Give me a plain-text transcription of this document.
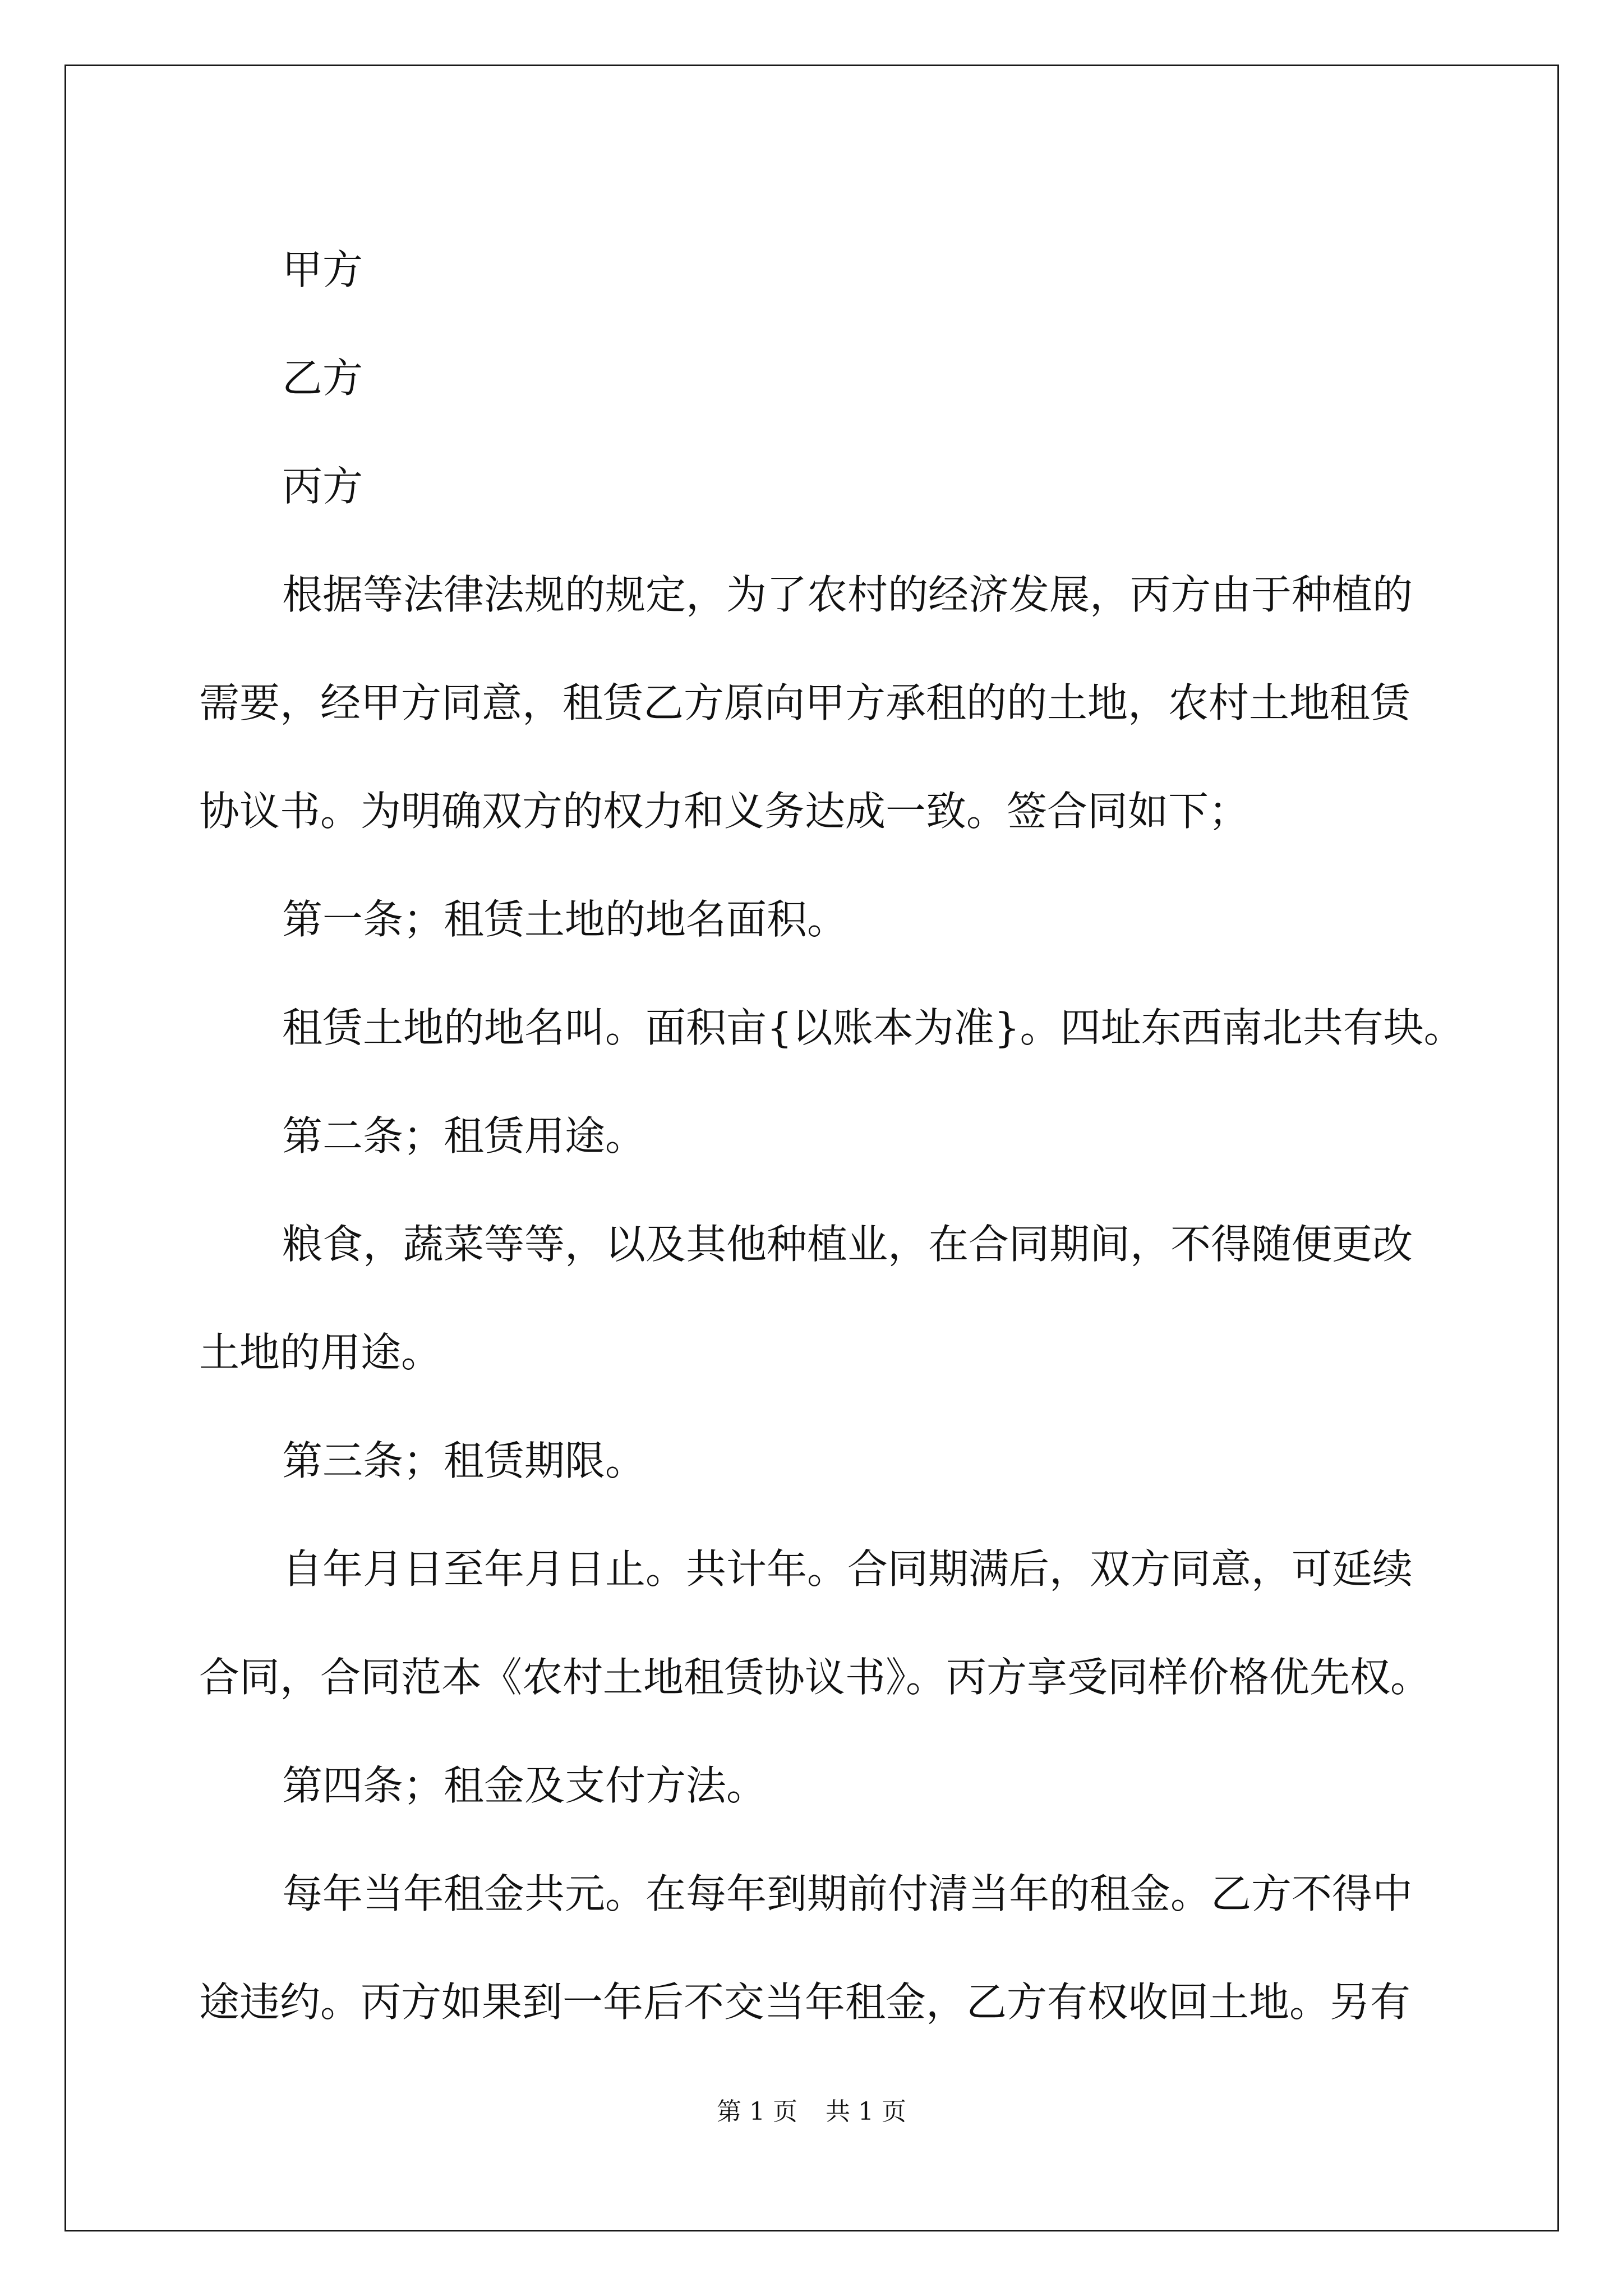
甲方

乙方

丙方

根据等法律法规的规定，为了农村的经济发展，丙方由于种植的

需要，经甲方同意，租赁乙方原向甲方承租的的土地，农村土地租赁

协议书。为明确双方的权力和义务达成一致。签合同如下；

第一条；租赁土地的地名面积。

租赁土地的地名叫。面积亩{以账本为准}。四址东西南北共有块。

第二条；租赁用途。

粮食，蔬菜等等，以及其他种植业，在合同期间，不得随便更改

土地的用途。

第三条；租赁期限。

自年月日至年月日止。共计年。合同期满后，双方同意，可延续

合同，合同范本《农村土地租赁协议书》。丙方享受同样价格优先权。

第四条；租金及支付方法。

每年当年租金共元。在每年到期前付清当年的租金。乙方不得中

途违约。丙方如果到一年后不交当年租金，乙方有权收回土地。另有

第 1 页 共 1 页
